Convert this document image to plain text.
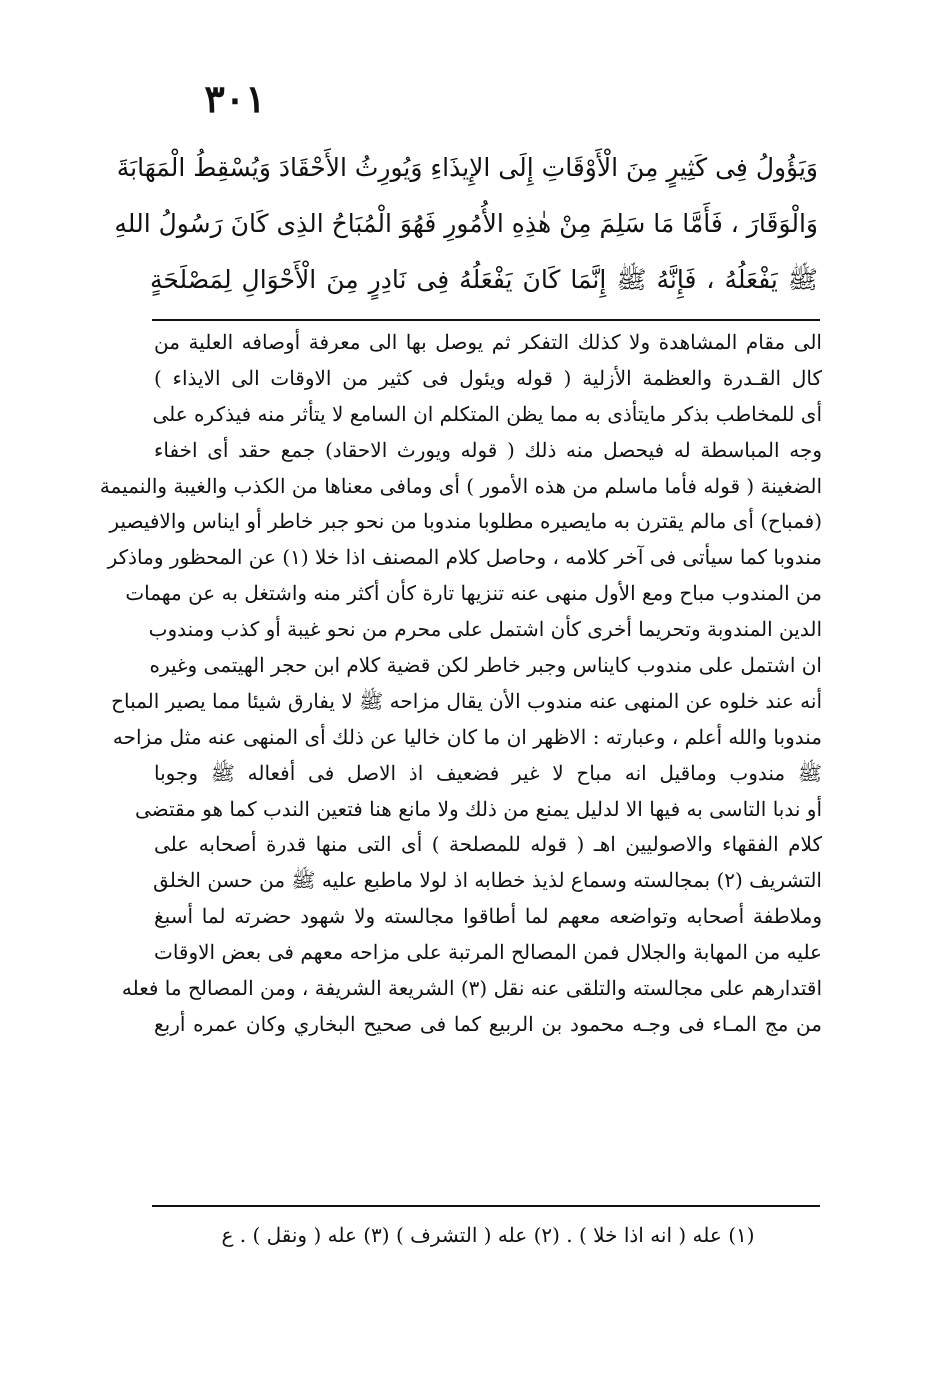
٣٠١
وَيَؤُولُ فِى كَثِيرٍ مِنَ الْأَوْقَاتِ إِلَى الإِيذَاءِ وَيُورِثُ الأَحْقَادَ وَيُسْقِطُ الْمَهَابَةَ
وَالْوَقَارَ ، فَأَمَّا مَا سَلِمَ مِنْ هٰذِهِ الأُمُورِ فَهُوَ الْمُبَاحُ الذِى كَانَ رَسُولُ اللهِ
ﷺ يَفْعَلُهُ ، فَإِنَّهُ ﷺ إِنَّمَا كَانَ يَفْعَلُهُ فِى نَادِرٍ مِنَ الْأَحْوَالِ لِمَصْلَحَةٍ
الى مقام المشاهدة ولا كذلك التفكر ثم يوصل بها الى معرفة أوصافه العلية من
كال القـدرة والعظمة الأزلية ( قوله ويئول فى كثير من الاوقات الى الايذاء )
أى للمخاطب بذكر مايتأذى به مما يظن المتكلم ان السامع لا يتأثر منه فيذكره على
وجه المباسطة له فيحصل منه ذلك ( قوله ويورث الاحقاد) جمع حقد أى اخفاء
الضغينة ( قوله فأما ماسلم من هذه الأمور ) أى ومافى معناها من الكذب والغيبة والنميمة
(فمباح) أى مالم يقترن به مايصيره مطلوبا مندوبا من نحو جبر خاطر أو ايناس والافيصير
مندوبا كما سيأتى فى آخر كلامه ، وحاصل كلام المصنف اذا خلا (١) عن المحظور وماذكر
من المندوب مباح ومع الأول منهى عنه تنزيها تارة كأن أكثر منه واشتغل به عن مهمات
الدين المندوبة وتحريما أخرى كأن اشتمل على محرم من نحو غيبة أو كذب ومندوب
ان اشتمل على مندوب كايناس وجبر خاطر لكن قضية كلام ابن حجر الهيتمى وغيره
أنه عند خلوه عن المنهى عنه مندوب الأن يقال مزاحه ﷺ لا يفارق شيئا مما يصير المباح
مندوبا والله أعلم ، وعبارته : الاظهر ان ما كان خاليا عن ذلك أى المنهى عنه مثل مزاحه
ﷺ مندوب وماقيل انه مباح لا غير فضعيف اذ الاصل فى أفعاله ﷺ وجوبا
أو ندبا التاسى به فيها الا لدليل يمنع من ذلك ولا مانع هنا فتعين الندب كما هو مقتضى
كلام الفقهاء والاصوليين اهـ ( قوله للمصلحة ) أى التى منها قدرة أصحابه على
التشريف (٢) بمجالسته وسماع لذيذ خطابه اذ لولا ماطبع عليه ﷺ من حسن الخلق
وملاطفة أصحابه وتواضعه معهم لما أطاقوا مجالسته ولا شهود حضرته لما أسبغ
عليه من المهابة والجلال فمن المصالح المرتبة على مزاحه معهم فى بعض الاوقات
اقتدارهم على مجالسته والتلقى عنه نقل (٣) الشريعة الشريفة ، ومن المصالح ما فعله
من مج المـاء فى وجـه محمود بن الربيع كما فى صحيح البخاري وكان عمره أربع
(١) عله ( انه اذا خلا ) . (٢) عله ( التشرف ) (٣) عله ( ونقل ) . ع
